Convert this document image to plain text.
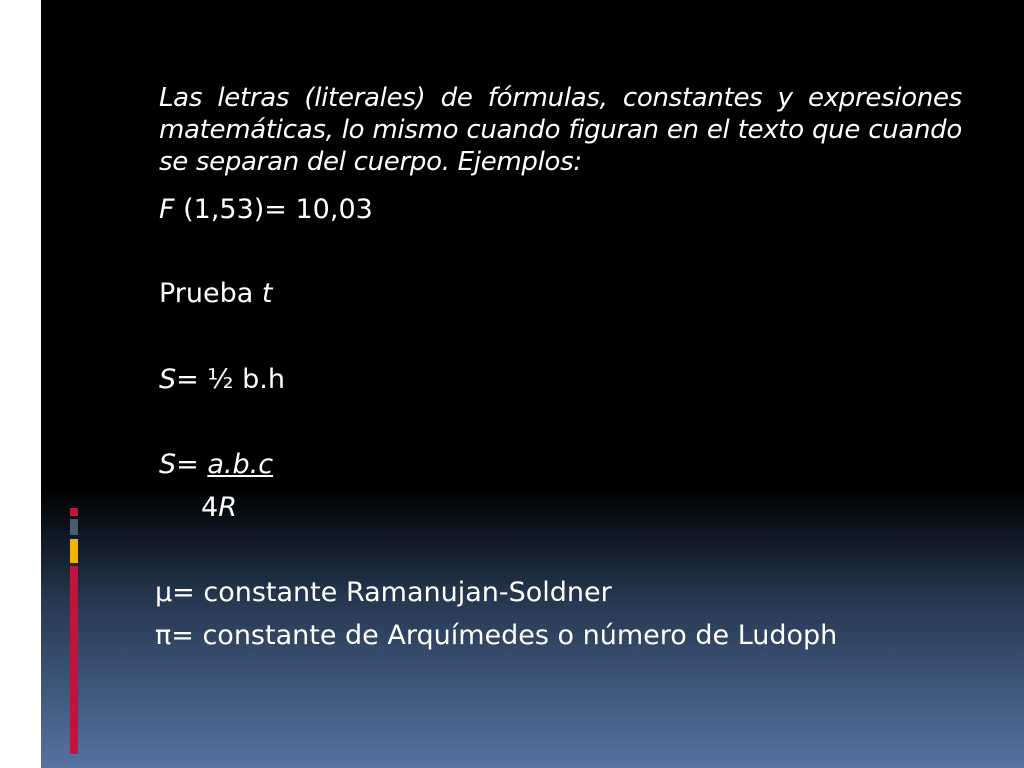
Las letras (literales) de fórmulas, constantes y expresiones matemáticas, lo mismo cuando figuran en el texto que cuando se separan del cuerpo. Ejemplos:

F (1,53)= 10,03
Prueba t
S= ½ b.h
S= a.b.c
4R
µ= constante Ramanujan-Soldner
π= constante de Arquímedes o número de Ludoph
